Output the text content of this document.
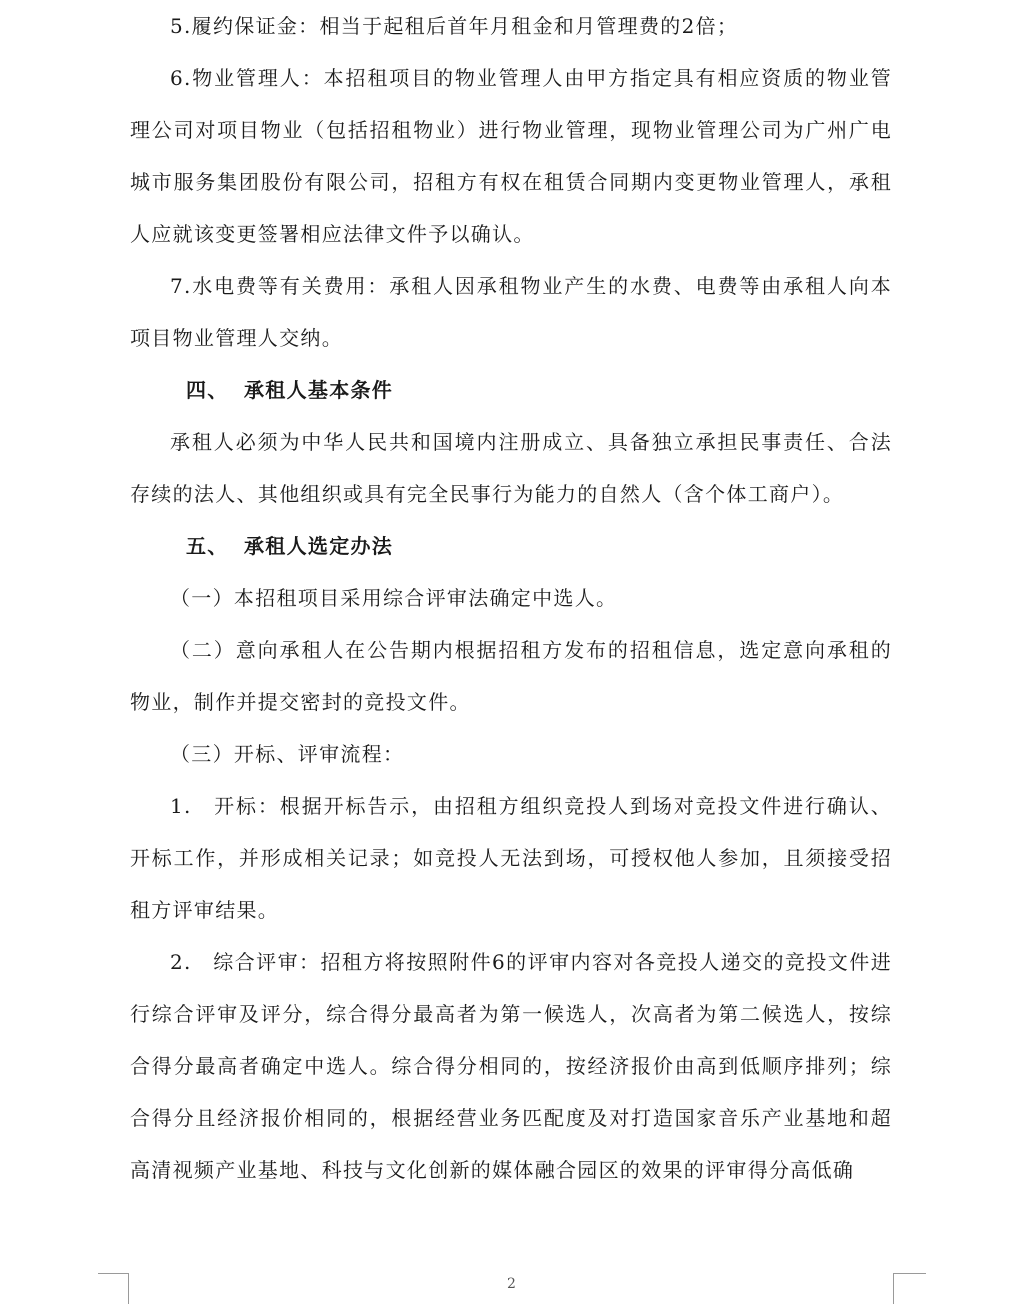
5.履约保证金：相当于起租后首年月租金和月管理费的2倍；

6.物业管理人：本招租项目的物业管理人由甲方指定具有相应资质的物业管理公司对项目物业（包括招租物业）进行物业管理，现物业管理公司为广州广电城市服务集团股份有限公司，招租方有权在租赁合同期内变更物业管理人，承租人应就该变更签署相应法律文件予以确认。

7.水电费等有关费用：承租人因承租物业产生的水费、电费等由承租人向本项目物业管理人交纳。

四、 承租人基本条件

承租人必须为中华人民共和国境内注册成立、具备独立承担民事责任、合法存续的法人、其他组织或具有完全民事行为能力的自然人（含个体工商户）。

五、 承租人选定办法

（一）本招租项目采用综合评审法确定中选人。

（二）意向承租人在公告期内根据招租方发布的招租信息，选定意向承租的物业，制作并提交密封的竞投文件。

（三）开标、评审流程：

1.　开标：根据开标告示，由招租方组织竞投人到场对竞投文件进行确认、开标工作，并形成相关记录；如竞投人无法到场，可授权他人参加，且须接受招租方评审结果。

2.　综合评审：招租方将按照附件6的评审内容对各竞投人递交的竞投文件进行综合评审及评分，综合得分最高者为第一候选人，次高者为第二候选人，按综合得分最高者确定中选人。综合得分相同的，按经济报价由高到低顺序排列；综合得分且经济报价相同的，根据经营业务匹配度及对打造国家音乐产业基地和超高清视频产业基地、科技与文化创新的媒体融合园区的效果的评审得分高低确

2
